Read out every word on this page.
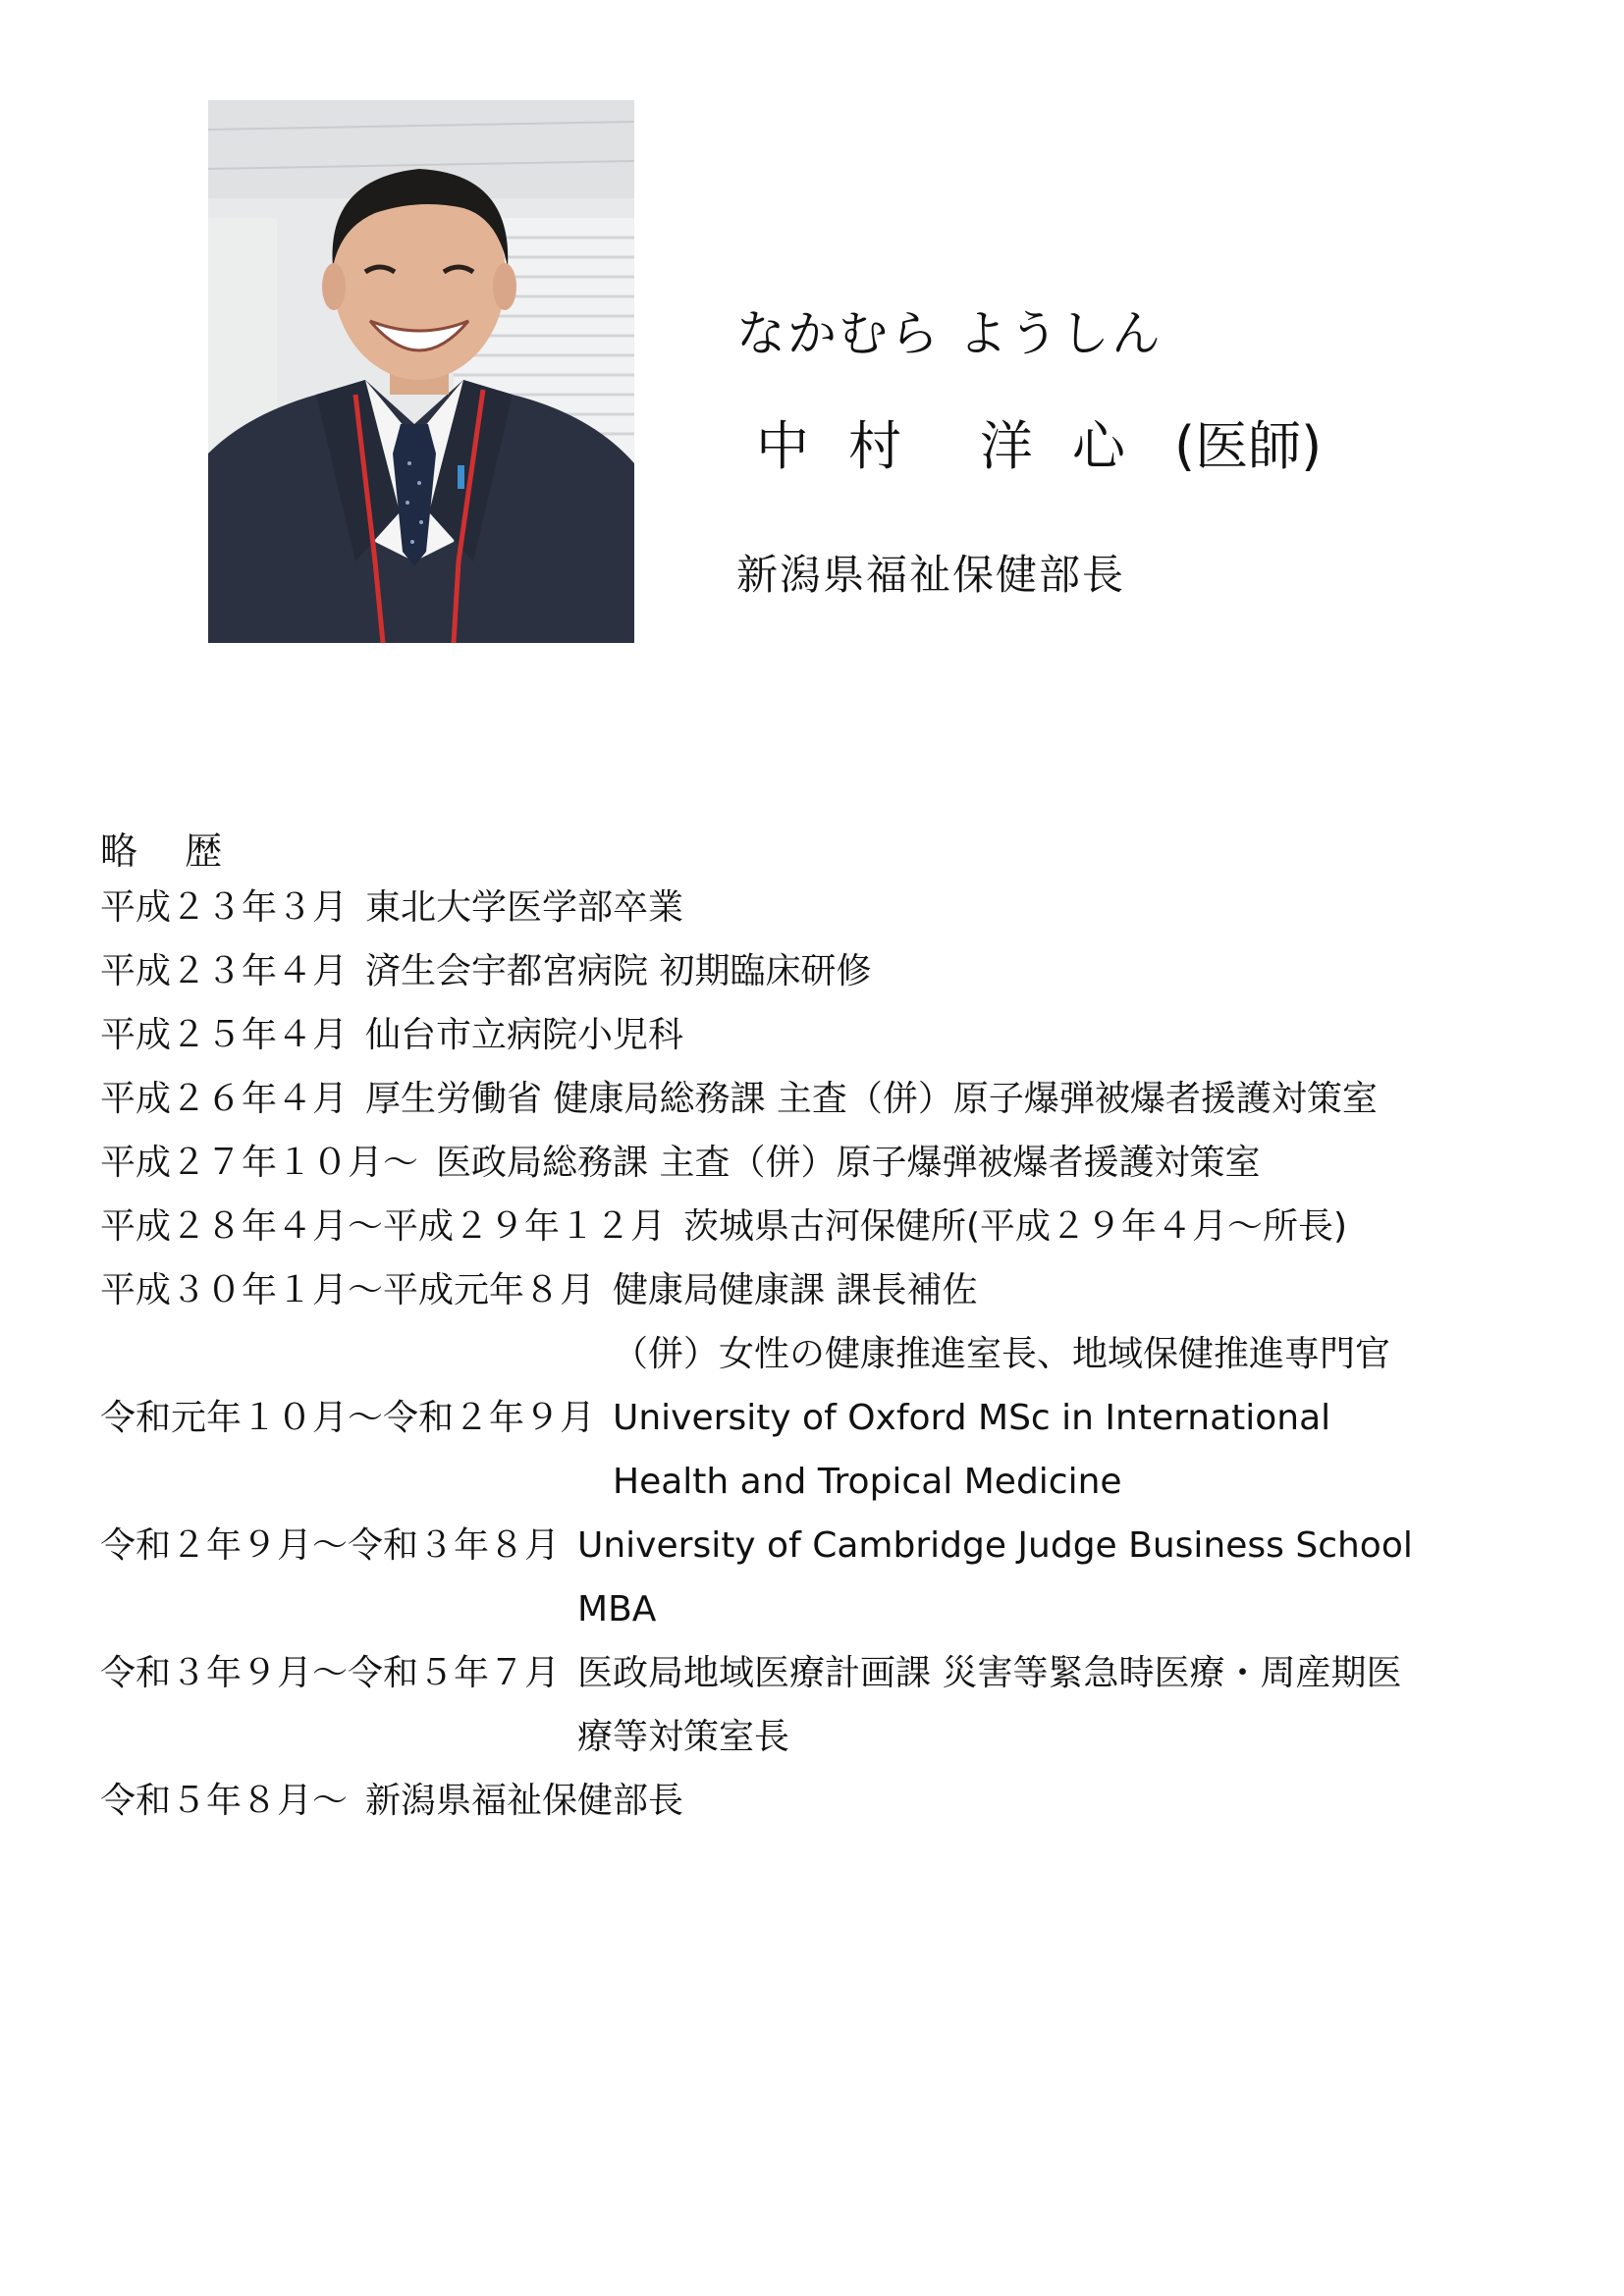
なかむら ようしん
中 村 洋 心 (医師)
新潟県福祉保健部長
略 歴
平成２３年３月 東北大学医学部卒業
平成２３年４月 済生会宇都宮病院 初期臨床研修
平成２５年４月 仙台市立病院小児科
平成２６年４月 厚生労働省 健康局総務課 主査（併）原子爆弾被爆者援護対策室
平成２７年１０月～ 医政局総務課 主査（併）原子爆弾被爆者援護対策室
平成２８年４月～平成２９年１２月 茨城県古河保健所(平成２９年４月～所長)
平成３０年１月～平成元年８月 健康局健康課 課長補佐
（併）女性の健康推進室長、地域保健推進専門官
令和元年１０月～令和２年９月 University of Oxford MSc in International
Health and Tropical Medicine
令和２年９月～令和３年８月 University of Cambridge Judge Business School
MBA
令和３年９月～令和５年７月 医政局地域医療計画課 災害等緊急時医療・周産期医
療等対策室長
令和５年８月～ 新潟県福祉保健部長
